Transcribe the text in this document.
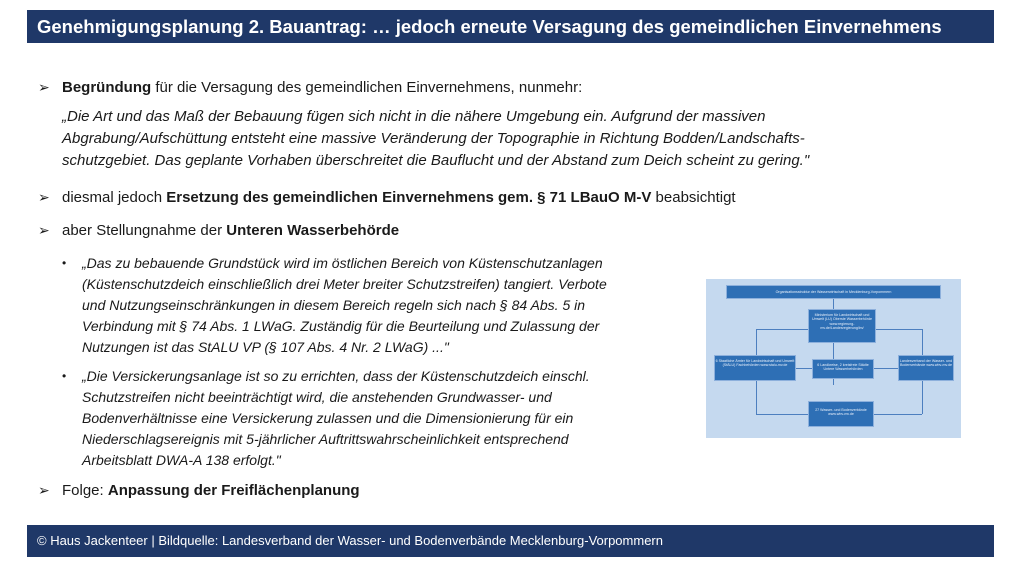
Genehmigungsplanung 2. Bauantrag: … jedoch erneute Versagung des gemeindlichen Einvernehmens
➢ Begründung für die Versagung des gemeindlichen Einvernehmens, nunmehr:
„Die Art und das Maß der Bebauung fügen sich nicht in die nähere Umgebung ein. Aufgrund der massiven
Abgrabung/Aufschüttung entsteht eine massive Veränderung der Topographie in Richtung Bodden/Landschafts-
schutzgebiet. Das geplante Vorhaben überschreitet die Bauflucht und der Abstand zum Deich scheint zu gering."
➢ diesmal jedoch Ersetzung des gemeindlichen Einvernehmens gem. § 71 LBauO M-V beabsichtigt
➢ aber Stellungnahme der Unteren Wasserbehörde
• „Das zu bebauende Grundstück wird im östlichen Bereich von Küstenschutzanlagen
(Küstenschutzdeich einschließlich drei Meter breiter Schutzstreifen) tangiert. Verbote
und Nutzungseinschränkungen in diesem Bereich regeln sich nach § 84 Abs. 5 in
Verbindung mit § 74 Abs. 1 LWaG. Zuständig für die Beurteilung und Zulassung der
Nutzungen ist das StALU VP (§ 107 Abs. 4 Nr. 2 LWaG) ..."
• „Die Versickerungsanlage ist so zu errichten, dass der Küstenschutzdeich einschl.
Schutzstreifen nicht beeinträchtigt wird, die anstehenden Grundwasser- und
Bodenverhältnisse eine Versickerung zulassen und die Dimensionierung für ein
Niederschlagsereignis mit 5-jährlicher Auftrittswahrscheinlichkeit entsprechend
Arbeitsblatt DWA-A 138 erfolgt."
➢ Folge: Anpassung der Freiflächenplanung
Organisationsstruktur der Wasserwirtschaft in Mecklenburg-Vorpommern
Ministerium für Landwirtschaft und Umwelt (LU) Oberste Wasserbehörde www.regierung-mv.de/Landesregierung/lm/
6 Staatliche Ämter für Landwirtschaft und Umwelt (StÄLU) Fachbehörden www.stalu-mv.de	6 Landkreise, 2 kreisfreie Städte Untere Wasserbehörden
Landesverband der Wasser- und Bodenverbände www.wbv-mv.de
27 Wasser- und Bodenverbände www.wbv-mv.de
© Haus Jackenteer | Bildquelle: Landesverband der Wasser- und Bodenverbände Mecklenburg-Vorpommern
